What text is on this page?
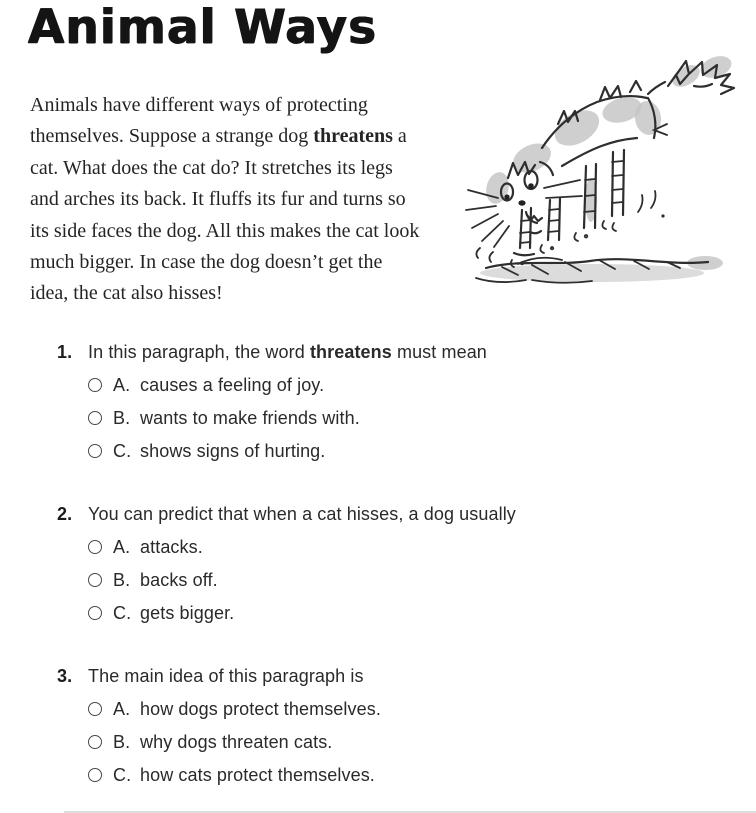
Animal Ways
Animals have different ways of protecting
themselves. Suppose a strange dog threatens a
cat. What does the cat do? It stretches its legs
and arches its back. It fluffs its fur and turns so
its side faces the dog. All this makes the cat look
much bigger. In case the dog doesn’t get the
idea, the cat also hisses!
1. In this paragraph, the word threatens must mean
A. causes a feeling of joy.
B. wants to make friends with.
C. shows signs of hurting.
2. You can predict that when a cat hisses, a dog usually
A. attacks.
B. backs off.
C. gets bigger.
3. The main idea of this paragraph is
A. how dogs protect themselves.
B. why dogs threaten cats.
C. how cats protect themselves.
